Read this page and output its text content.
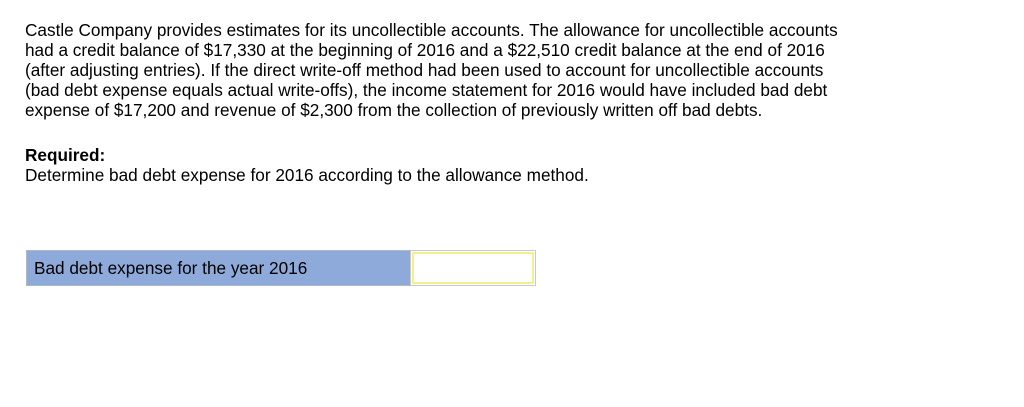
Castle Company provides estimates for its uncollectible accounts. The allowance for uncollectible accounts
had a credit balance of $17,330 at the beginning of 2016 and a $22,510 credit balance at the end of 2016
(after adjusting entries). If the direct write-off method had been used to account for uncollectible accounts
(bad debt expense equals actual write-offs), the income statement for 2016 would have included bad debt
expense of $17,200 and revenue of $2,300 from the collection of previously written off bad debts.

Required:

Determine bad debt expense for 2016 according to the allowance method.

Bad debt expense for the year 2016
